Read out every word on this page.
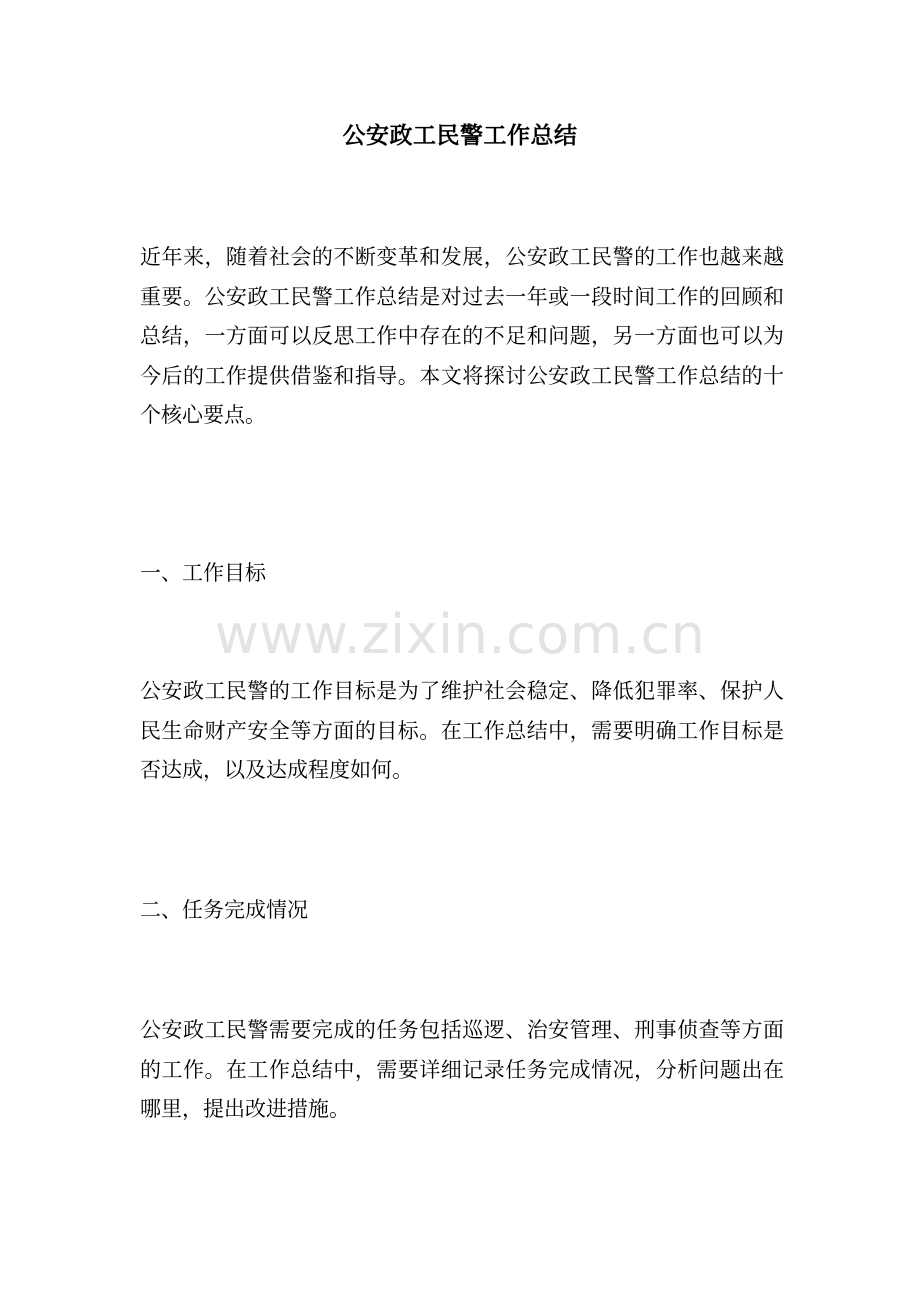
公安政工民警工作总结

近年来，随着社会的不断变革和发展，公安政工民警的工作也越来越重要。公安政工民警工作总结是对过去一年或一段时间工作的回顾和总结，一方面可以反思工作中存在的不足和问题，另一方面也可以为今后的工作提供借鉴和指导。本文将探讨公安政工民警工作总结的十个核心要点。

一、工作目标
www.zixin.com.cn

公安政工民警的工作目标是为了维护社会稳定、降低犯罪率、保护人民生命财产安全等方面的目标。在工作总结中，需要明确工作目标是否达成，以及达成程度如何。

二、任务完成情况

公安政工民警需要完成的任务包括巡逻、治安管理、刑事侦查等方面的工作。在工作总结中，需要详细记录任务完成情况，分析问题出在哪里，提出改进措施。
